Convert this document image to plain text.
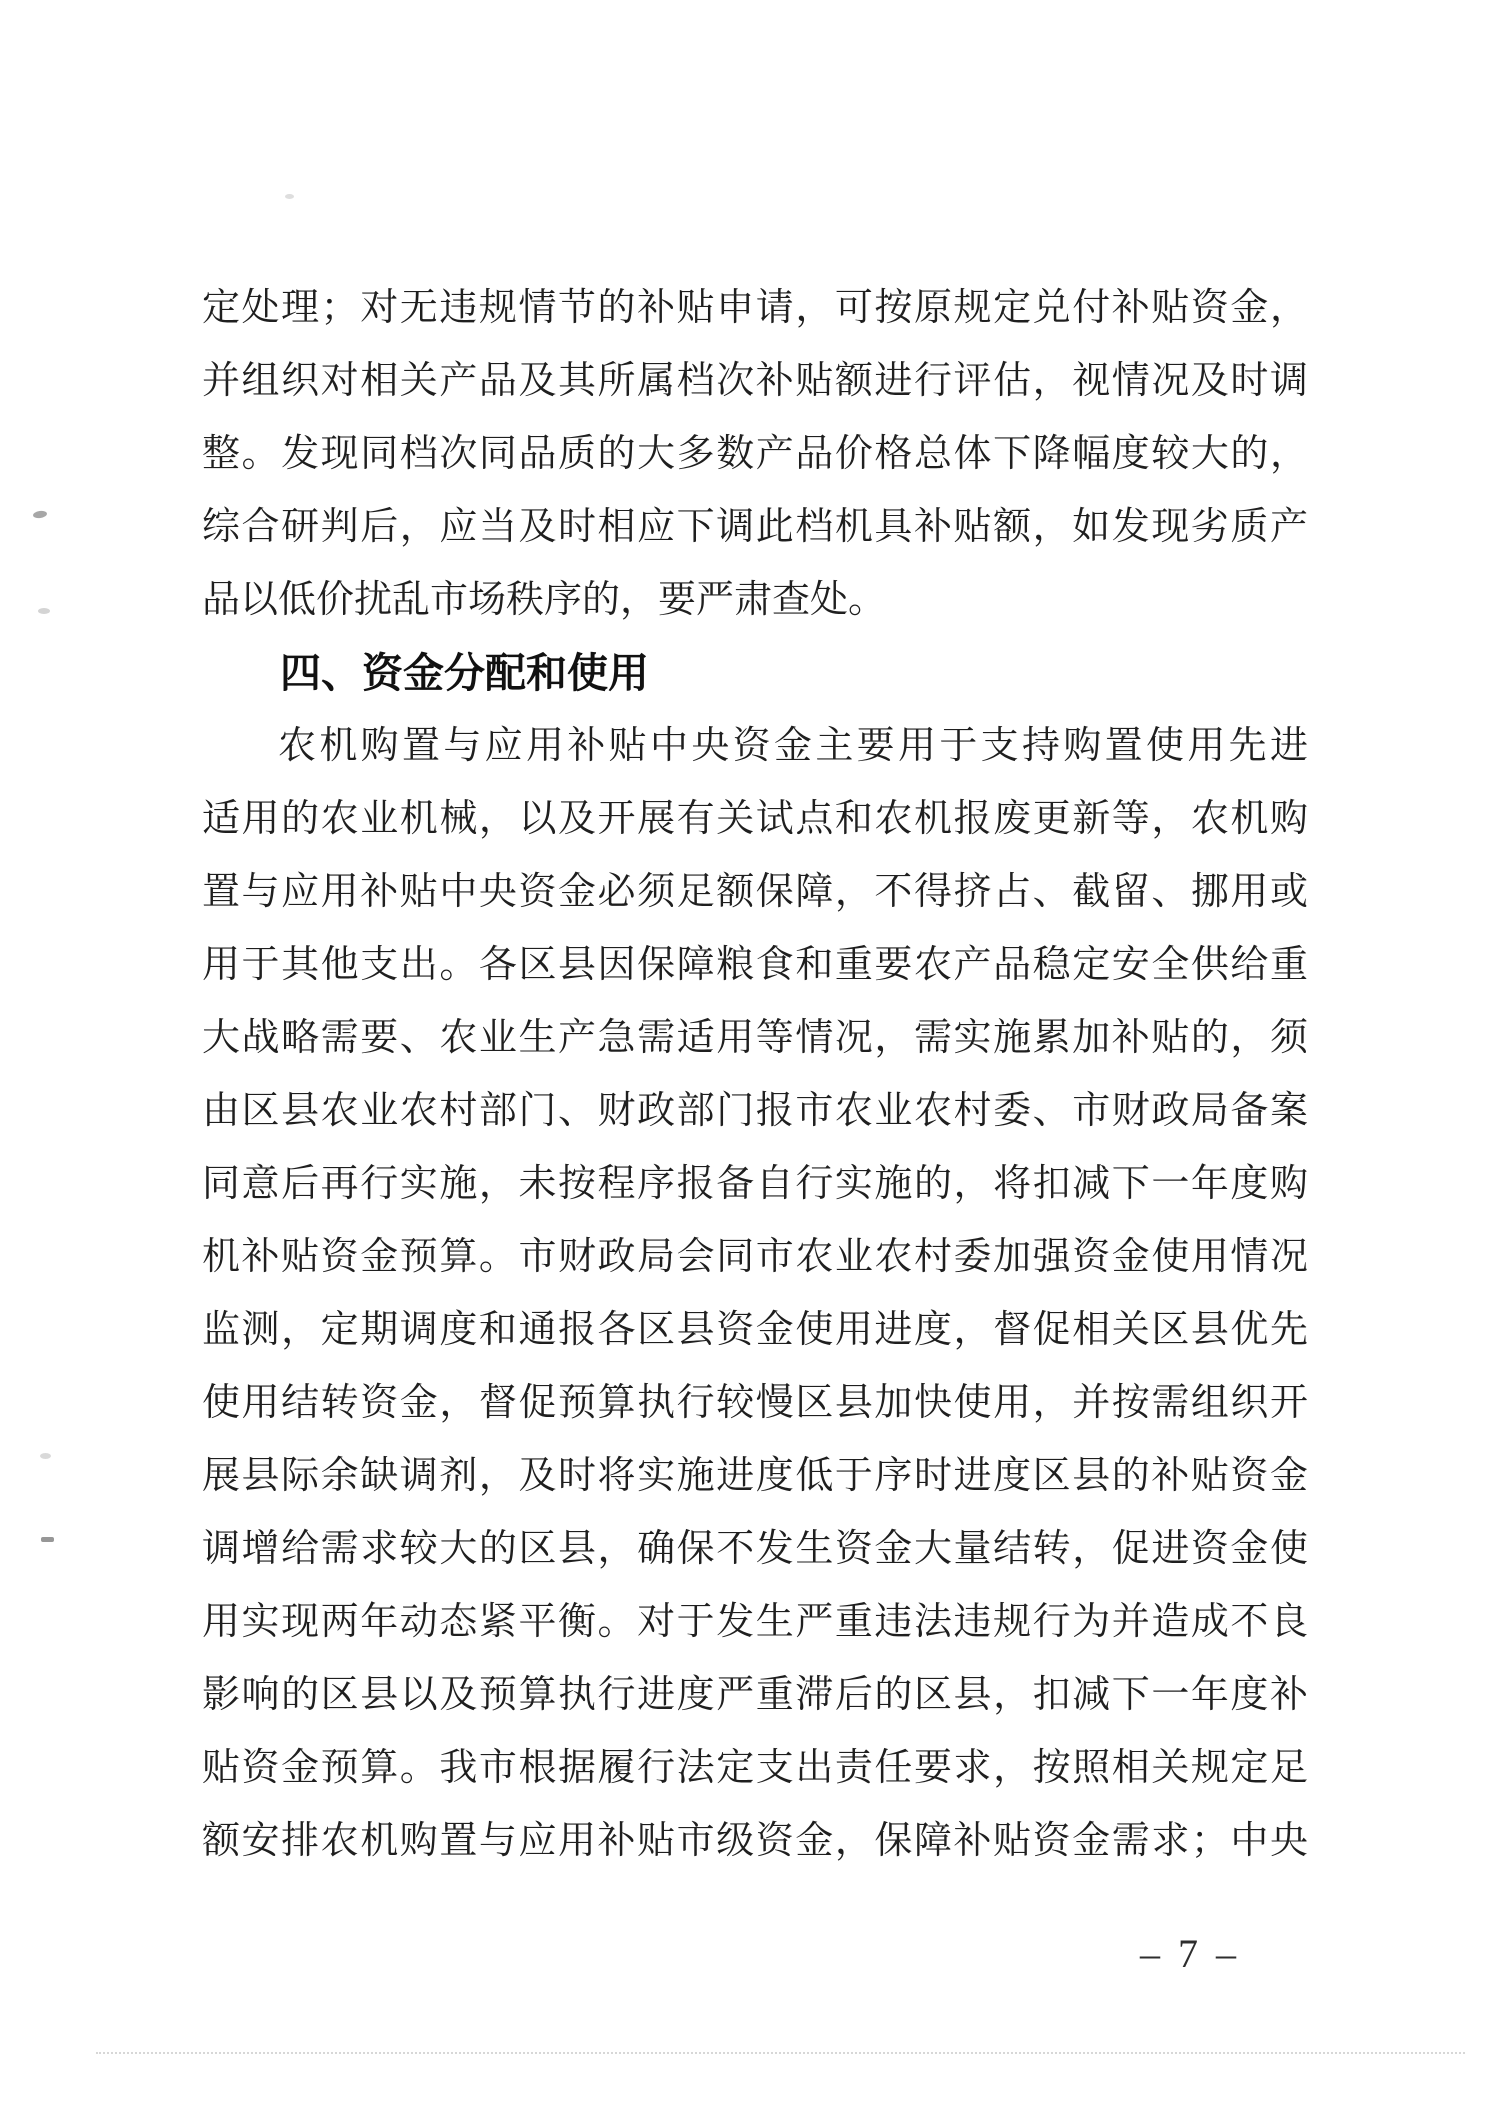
定处理；对无违规情节的补贴申请，可按原规定兑付补贴资金，

并组织对相关产品及其所属档次补贴额进行评估，视情况及时调

整。发现同档次同品质的大多数产品价格总体下降幅度较大的，

综合研判后，应当及时相应下调此档机具补贴额，如发现劣质产

品以低价扰乱市场秩序的，要严肃查处。

四、资金分配和使用

农机购置与应用补贴中央资金主要用于支持购置使用先进

适用的农业机械，以及开展有关试点和农机报废更新等，农机购

置与应用补贴中央资金必须足额保障，不得挤占、截留、挪用或

用于其他支出。各区县因保障粮食和重要农产品稳定安全供给重

大战略需要、农业生产急需适用等情况，需实施累加补贴的，须

由区县农业农村部门、财政部门报市农业农村委、市财政局备案

同意后再行实施，未按程序报备自行实施的，将扣减下一年度购

机补贴资金预算。市财政局会同市农业农村委加强资金使用情况

监测，定期调度和通报各区县资金使用进度，督促相关区县优先

使用结转资金，督促预算执行较慢区县加快使用，并按需组织开

展县际余缺调剂，及时将实施进度低于序时进度区县的补贴资金

调增给需求较大的区县，确保不发生资金大量结转，促进资金使

用实现两年动态紧平衡。对于发生严重违法违规行为并造成不良

影响的区县以及预算执行进度严重滞后的区县，扣减下一年度补

贴资金预算。我市根据履行法定支出责任要求，按照相关规定足

额安排农机购置与应用补贴市级资金，保障补贴资金需求；中央

– 7 –
